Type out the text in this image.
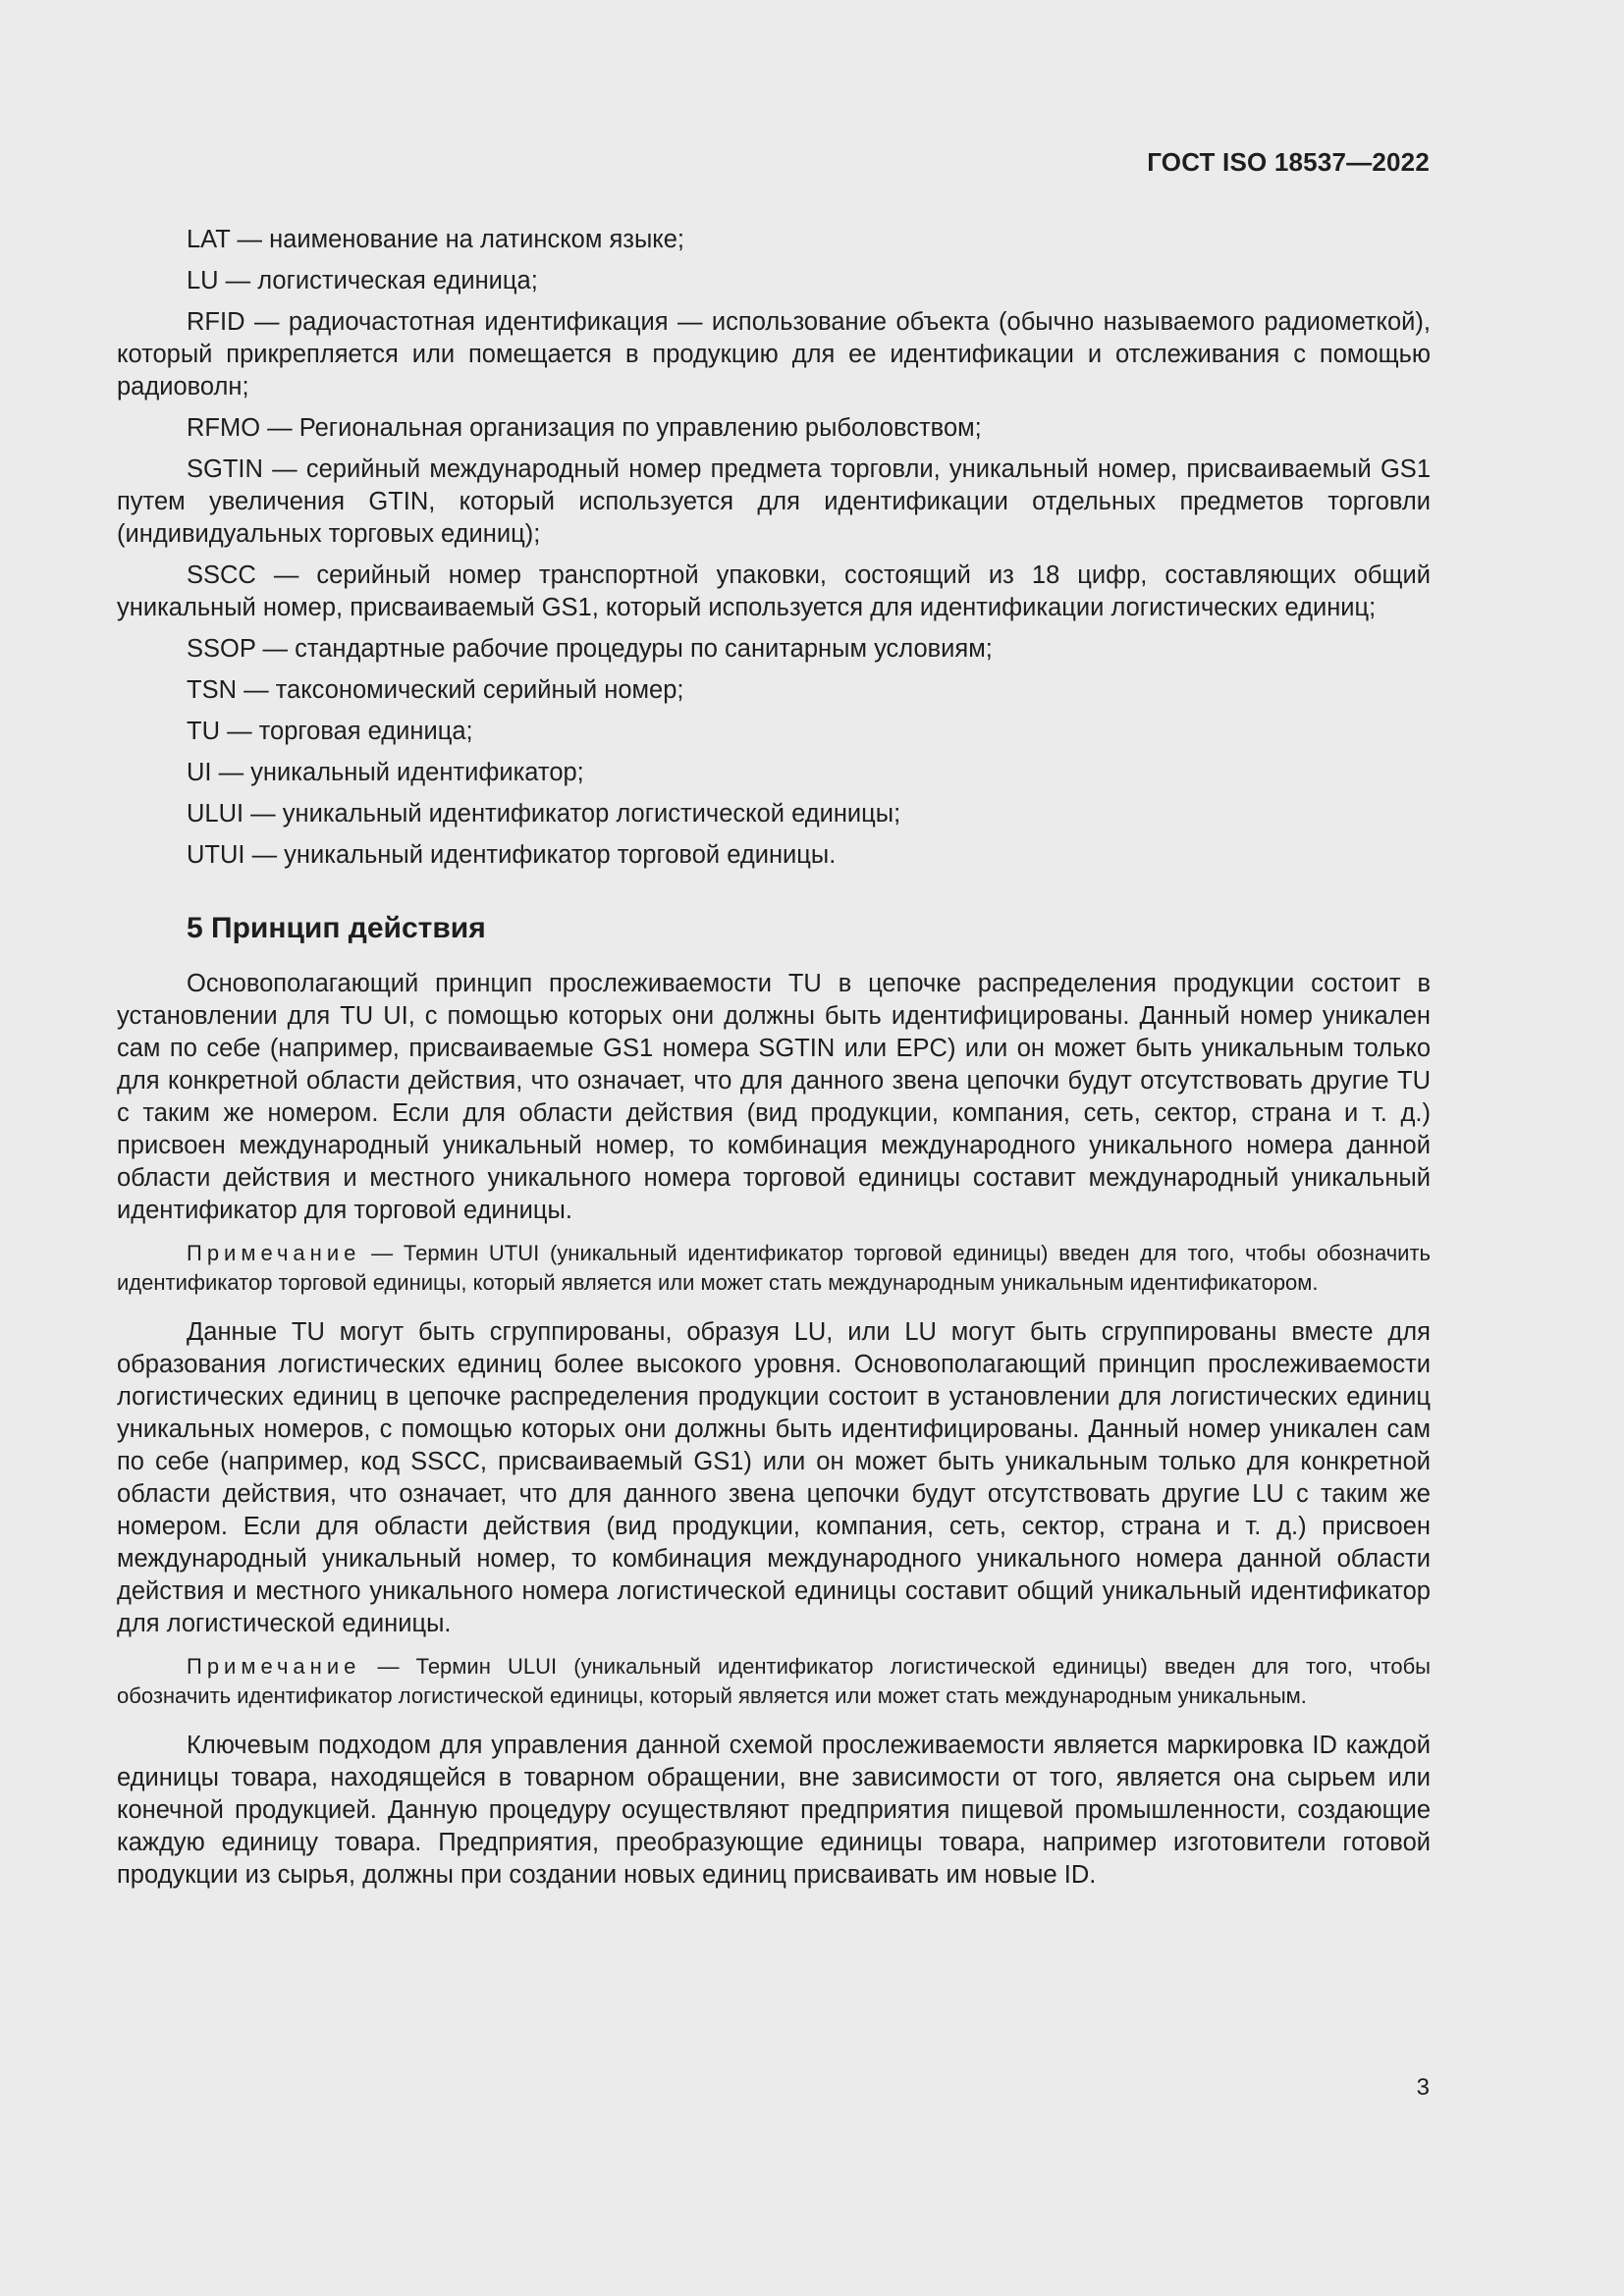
ГОСТ ISO 18537—2022

LAT — наименование на латинском языке;

LU — логистическая единица;

RFID — радиочастотная идентификация — использование объекта (обычно называемого радиометкой), который прикрепляется или помещается в продукцию для ее идентификации и отслеживания с помощью радиоволн;

RFMO — Региональная организация по управлению рыболовством;

SGTIN — серийный международный номер предмета торговли, уникальный номер, присваиваемый GS1 путем увеличения GTIN, который используется для идентификации отдельных предметов торговли (индивидуальных торговых единиц);

SSCC — серийный номер транспортной упаковки, состоящий из 18 цифр, составляющих общий уникальный номер, присваиваемый GS1, который используется для идентификации логистических единиц;

SSOP — стандартные рабочие процедуры по санитарным условиям;

TSN — таксономический серийный номер;

TU — торговая единица;

UI — уникальный идентификатор;

ULUI — уникальный идентификатор логистической единицы;

UTUI — уникальный идентификатор торговой единицы.

5 Принцип действия

Основополагающий принцип прослеживаемости TU в цепочке распределения продукции состоит в установлении для TU UI, с помощью которых они должны быть идентифицированы. Данный номер уникален сам по себе (например, присваиваемые GS1 номера SGTIN или EPC) или он может быть уникальным только для конкретной области действия, что означает, что для данного звена цепочки будут отсутствовать другие TU с таким же номером. Если для области действия (вид продукции, компания, сеть, сектор, страна и т. д.) присвоен международный уникальный номер, то комбинация международного уникального номера данной области действия и местного уникального номера торговой единицы составит международный уникальный идентификатор для торговой единицы.

Примечание — Термин UTUI (уникальный идентификатор торговой единицы) введен для того, чтобы обозначить идентификатор торговой единицы, который является или может стать международным уникальным идентификатором.

Данные TU могут быть сгруппированы, образуя LU, или LU могут быть сгруппированы вместе для образования логистических единиц более высокого уровня. Основополагающий принцип прослеживаемости логистических единиц в цепочке распределения продукции состоит в установлении для логистических единиц уникальных номеров, с помощью которых они должны быть идентифицированы. Данный номер уникален сам по себе (например, код SSCC, присваиваемый GS1) или он может быть уникальным только для конкретной области действия, что означает, что для данного звена цепочки будут отсутствовать другие LU с таким же номером. Если для области действия (вид продукции, компания, сеть, сектор, страна и т. д.) присвоен международный уникальный номер, то комбинация международного уникального номера данной области действия и местного уникального номера логистической единицы составит общий уникальный идентификатор для логистической единицы.

Примечание — Термин ULUI (уникальный идентификатор логистической единицы) введен для того, чтобы обозначить идентификатор логистической единицы, который является или может стать международным уникальным.

Ключевым подходом для управления данной схемой прослеживаемости является маркировка ID каждой единицы товара, находящейся в товарном обращении, вне зависимости от того, является она сырьем или конечной продукцией. Данную процедуру осуществляют предприятия пищевой промышленности, создающие каждую единицу товара. Предприятия, преобразующие единицы товара, например изготовители готовой продукции из сырья, должны при создании новых единиц присваивать им новые ID.

3
